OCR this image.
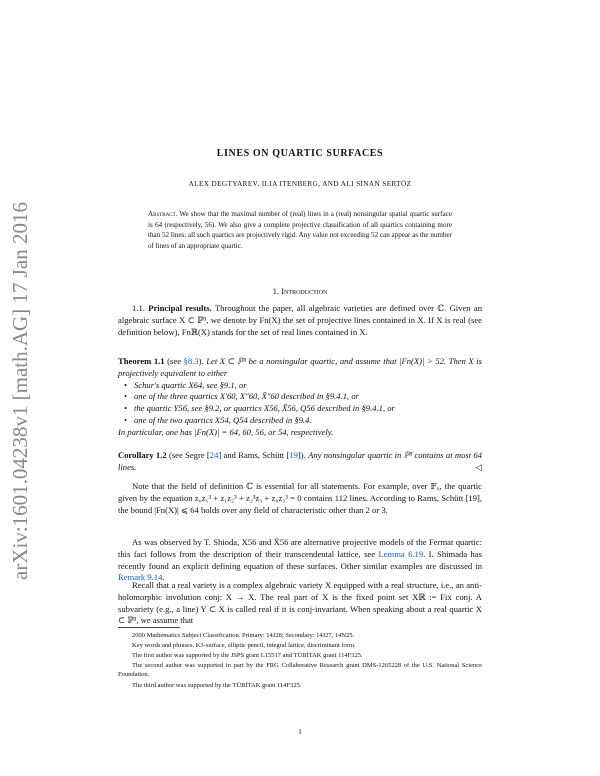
arXiv:1601.04238v1 [math.AG] 17 Jan 2016
LINES ON QUARTIC SURFACES
ALEX DEGTYAREV, ILIA ITENBERG, AND ALI SİNAN SERTÖZ
Abstract. We show that the maximal number of (real) lines in a (real) nonsingular spatial quartic surface is 64 (respectively, 56). We also give a complete projective classification of all quartics containing more than 52 lines: all such quartics are projectively rigid. Any value not exceeding 52 can appear as the number of lines of an appropriate quartic.
1. Introduction
1.1. Principal results. Throughout the paper, all algebraic varieties are defined over ℂ. Given an algebraic surface X ⊂ ℙ³, we denote by Fn(X) the set of projective lines contained in X. If X is real (see definition below), Fnℝ(X) stands for the set of real lines contained in X.
Theorem 1.1 (see §8.3). Let X ⊂ ℙ³ be a nonsingular quartic, and assume that |Fn(X)| > 52. Then X is projectively equivalent to either
• Schur's quartic X64, see §9.1, or
• one of the three quartics X′60, X″60, X̄″60 described in §9.4.1, or
• the quartic Y56, see §9.2, or quartics X56, X̄56, Q56 described in §9.4.1, or
• one of the two quartics X54, Q54 described in §9.4.
In particular, one has |Fn(X)| = 64, 60, 56, or 54, respectively.
Corollary 1.2 (see Segre [24] and Rams, Schütt [19]). Any nonsingular quartic in ℙ³ contains at most 64 lines.	◁
Note that the field of definition ℂ is essential for all statements. For example, over 𝔽₉, the quartic given by the equation z₀z₁³ + z₁z₂³ + z₂³z₃ + z₀z₃³ = 0 contains 112 lines. According to Rams, Schütt [19], the bound |Fn(X)| ⩽ 64 holds over any field of characteristic other than 2 or 3.
As was observed by T. Shioda, X56 and X̄56 are alternative projective models of the Fermat quartic: this fact follows from the description of their transcendental lattice, see Lemma 6.19. I. Shimada has recently found an explicit defining equation of these surfaces. Other similar examples are discussed in Remark 9.14.
Recall that a real variety is a complex algebraic variety X equipped with a real structure, i.e., an anti-holomorphic involution conj: X → X. The real part of X is the fixed point set Xℝ := Fix conj. A subvariety (e.g., a line) Y ⊂ X is called real if it is conj-invariant. When speaking about a real quartic X ⊂ ℙ³, we assume that
2000 Mathematics Subject Classification. Primary: 14J28; Secondary: 14J27, 14N25.
Key words and phrases. K3-surface, elliptic pencil, integral lattice, discriminant form.
The first author was supported by the JSPS grant L15517 and TÜBİTAK grant 114F325.
The second author was supported in part by the FRG Collaborative Research grant DMS-1265228 of the U.S. National Science Foundation.
The third author was supported by the TÜBİTAK grant 114F325.
1
